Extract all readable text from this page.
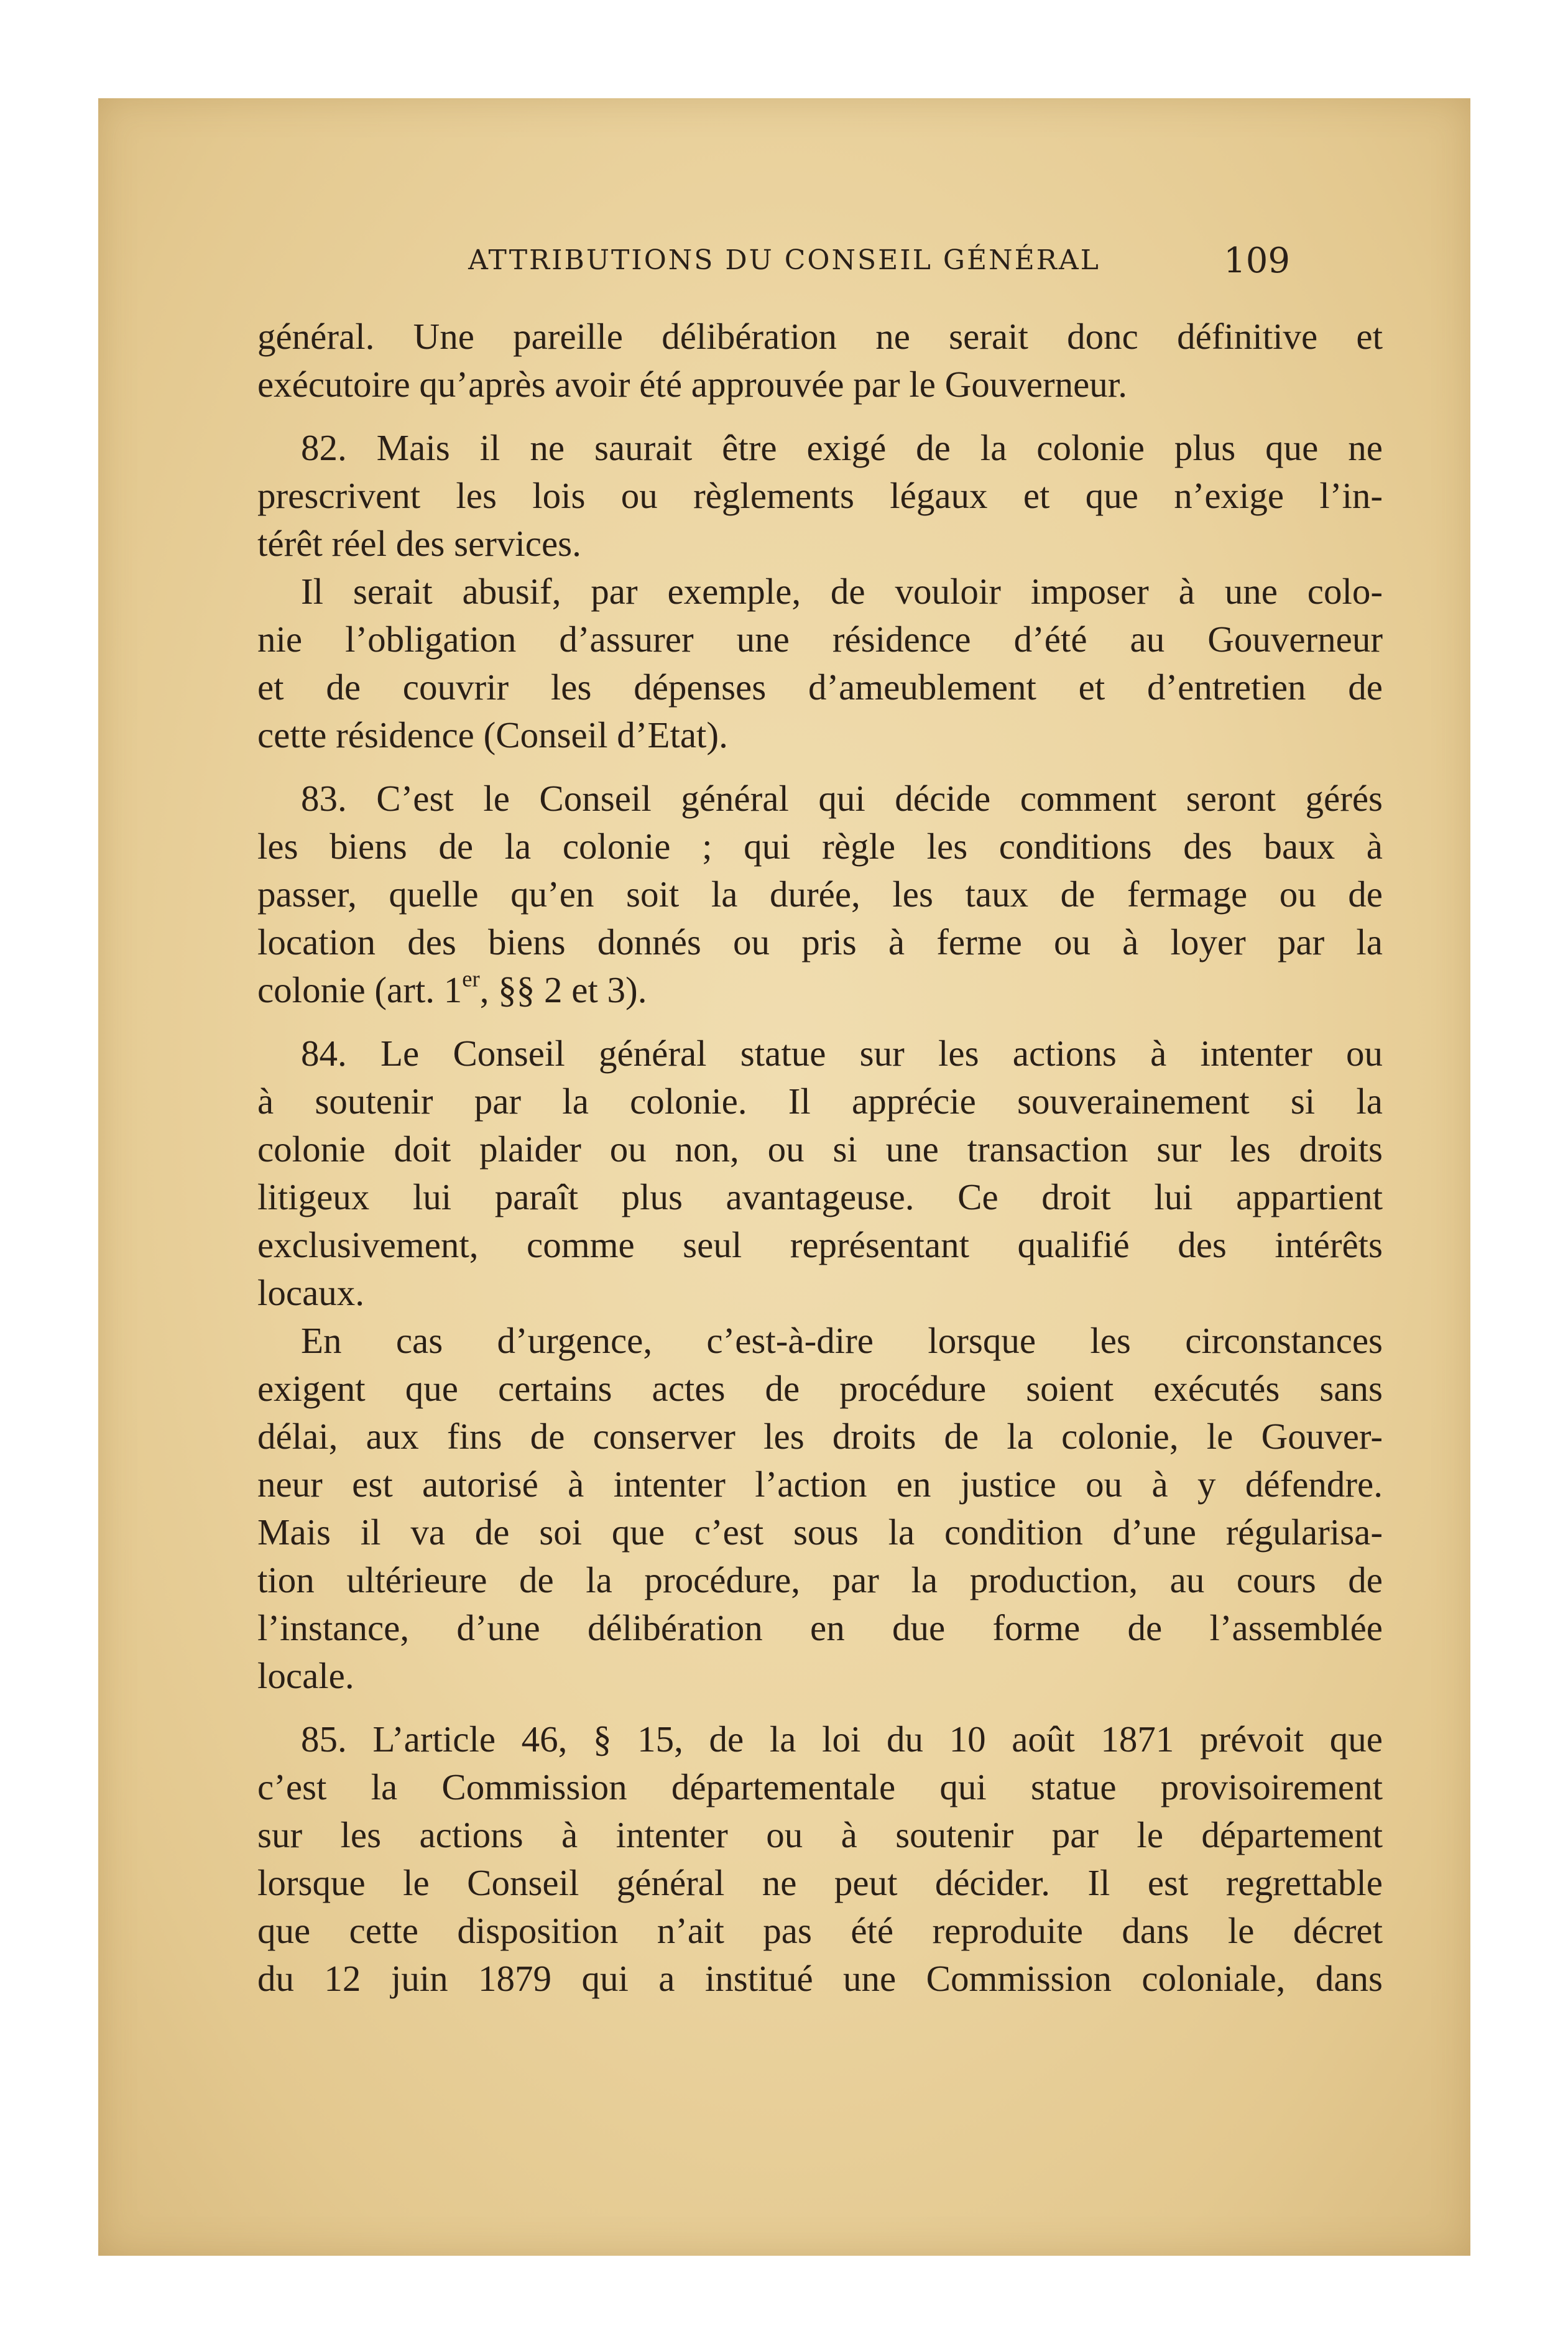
ATTRIBUTIONS DU CONSEIL GÉNÉRAL	109
général. Une pareille délibération ne serait donc définitive et
exécutoire qu’après avoir été approuvée par le Gouverneur.
82. Mais il ne saurait être exigé de la colonie plus que ne
prescrivent les lois ou règlements légaux et que n’exige l’in-
térêt réel des services.
Il serait abusif, par exemple, de vouloir imposer à une colo-
nie l’obligation d’assurer une résidence d’été au Gouverneur
et de couvrir les dépenses d’ameublement et d’entretien de
cette résidence (Conseil d’Etat).
83. C’est le Conseil général qui décide comment seront gérés
les biens de la colonie ; qui règle les conditions des baux à
passer, quelle qu’en soit la durée, les taux de fermage ou de
location des biens donnés ou pris à ferme ou à loyer par la
colonie (art. 1er, §§ 2 et 3).
84. Le Conseil général statue sur les actions à intenter ou
à soutenir par la colonie. Il apprécie souverainement si la
colonie doit plaider ou non, ou si une transaction sur les droits
litigeux lui paraît plus avantageuse. Ce droit lui appartient
exclusivement, comme seul représentant qualifié des intérêts
locaux.
En cas d’urgence, c’est-à-dire lorsque les circonstances
exigent que certains actes de procédure soient exécutés sans
délai, aux fins de conserver les droits de la colonie, le Gouver-
neur est autorisé à intenter l’action en justice ou à y défendre.
Mais il va de soi que c’est sous la condition d’une régularisa-
tion ultérieure de la procédure, par la production, au cours de
l’instance, d’une délibération en due forme de l’assemblée
locale.
85. L’article 46, § 15, de la loi du 10 août 1871 prévoit que
c’est la Commission départementale qui statue provisoirement
sur les actions à intenter ou à soutenir par le département
lorsque le Conseil général ne peut décider. Il est regrettable
que cette disposition n’ait pas été reproduite dans le décret
du 12 juin 1879 qui a institué une Commission coloniale, dans
